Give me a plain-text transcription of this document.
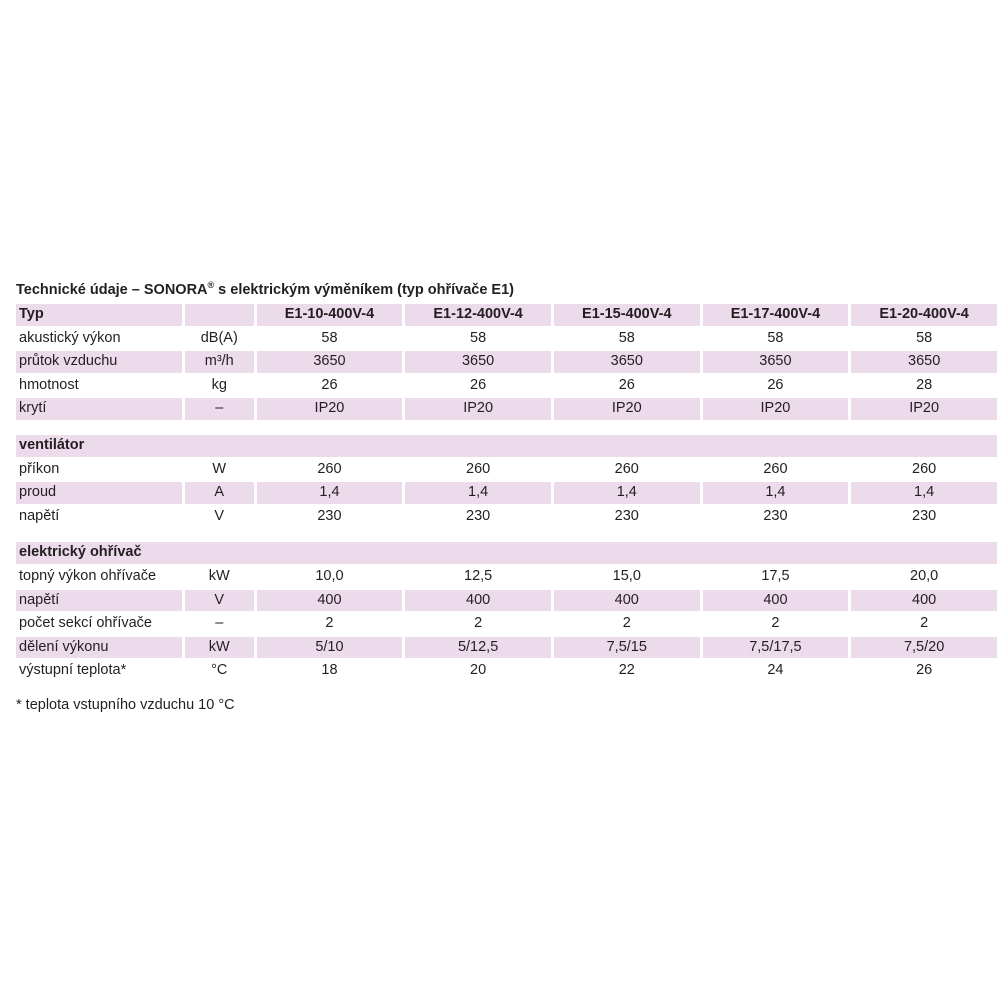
Technické údaje – SONORA® s elektrickým výměníkem (typ ohřívače E1)
Typ		E1-10-400V-4	E1-12-400V-4	E1-15-400V-4	E1-17-400V-4	E1-20-400V-4
akustický výkon	dB(A)	58	58	58	58	58
průtok vzduchu	m³/h	3650	3650	3650	3650	3650
hmotnost	kg	26	26	26	26	28
krytí	–	IP20	IP20	IP20	IP20	IP20

ventilátor						
příkon	W	260	260	260	260	260
proud	A	1,4	1,4	1,4	1,4	1,4
napětí	V	230	230	230	230	230

elektrický ohřívač						
topný výkon ohřívače	kW	10,0	12,5	15,0	17,5	20,0
napětí	V	400	400	400	400	400
počet sekcí ohřívače	–	2	2	2	2	2
dělení výkonu	kW	5/10	5/12,5	7,5/15	7,5/17,5	7,5/20
výstupní teplota*	°C	18	20	22	24	26
* teplota vstupního vzduchu 10 °C
